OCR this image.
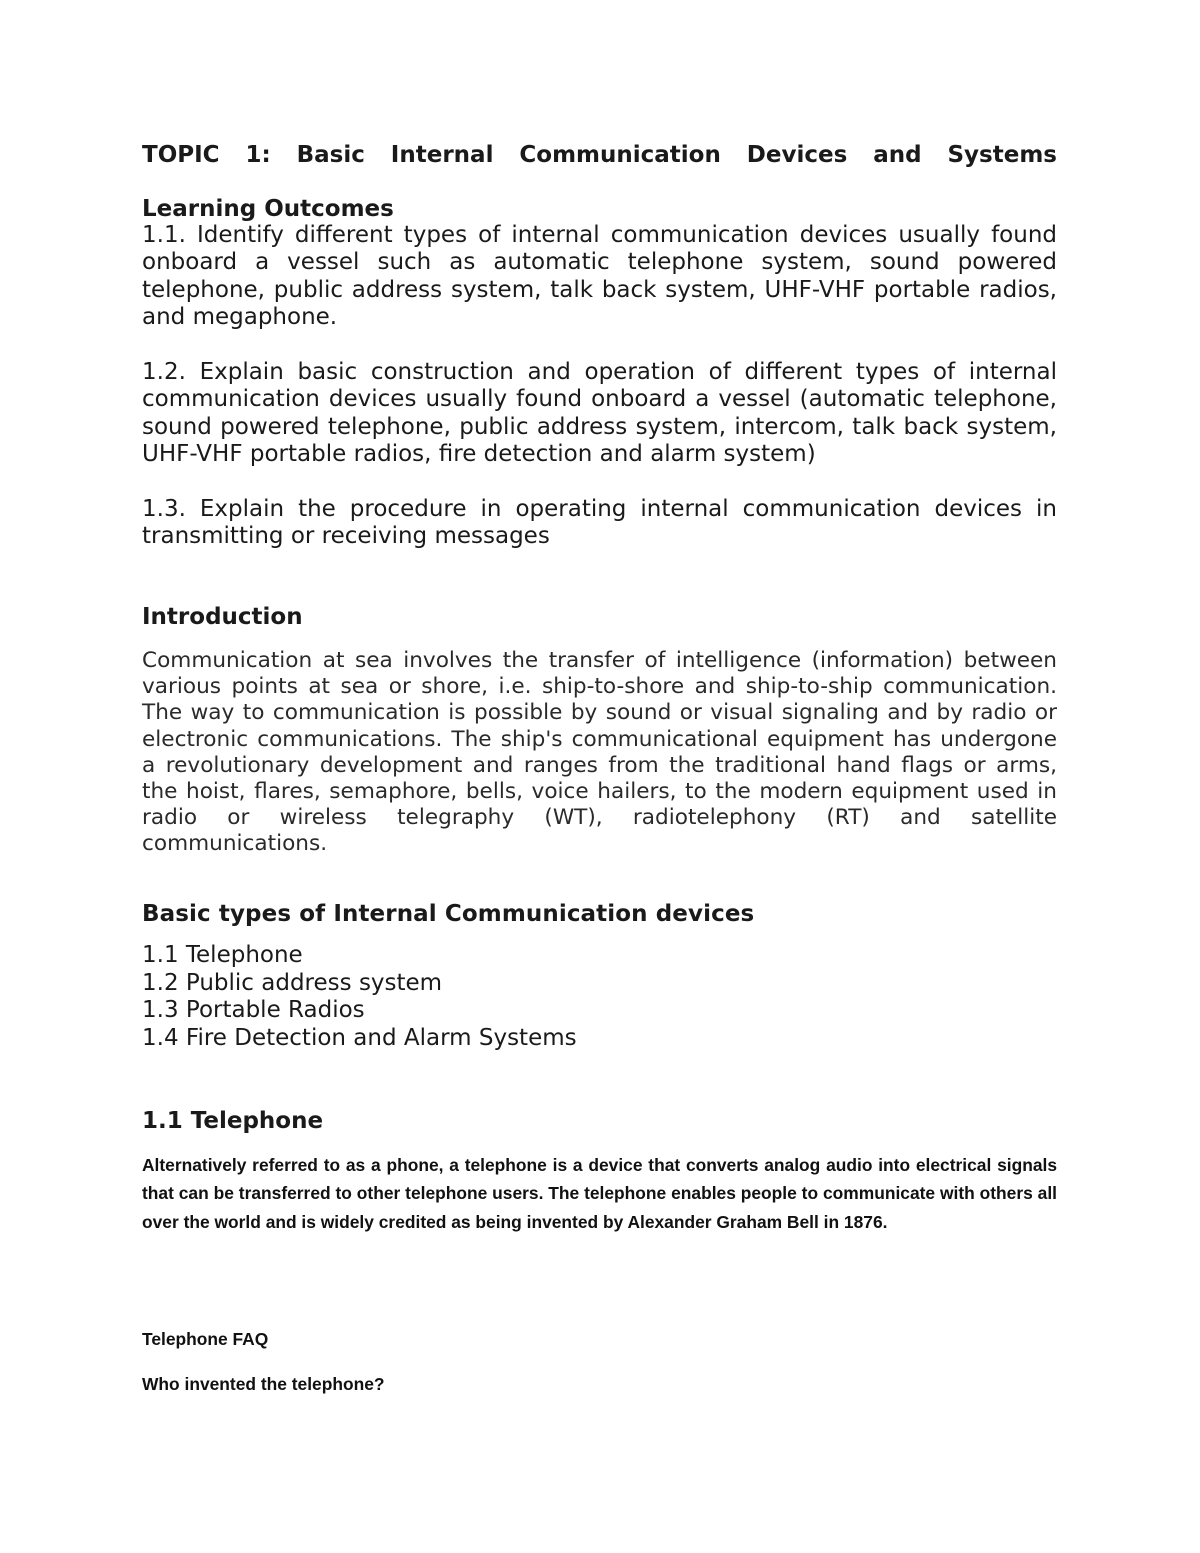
TOPIC 1: Basic Internal Communication Devices and Systems

Learning Outcomes

1.1. Identify different types of internal communication devices usually found onboard a vessel such as automatic telephone system, sound powered telephone, public address system, talk back system, UHF-VHF portable radios, and megaphone.

1.2. Explain basic construction and operation of different types of internal communication devices usually found onboard a vessel (automatic telephone, sound powered telephone, public address system, intercom, talk back system, UHF-VHF portable radios, fire detection and alarm system)

1.3. Explain the procedure in operating internal communication devices in transmitting or receiving messages

Introduction

Communication at sea involves the transfer of intelligence (information) between various points at sea or shore, i.e. ship-to-shore and ship-to-ship communication. The way to communication is possible by sound or visual signaling and by radio or electronic communications. The ship's communicational equipment has undergone a revolutionary development and ranges from the traditional hand flags or arms, the hoist, flares, semaphore, bells, voice hailers, to the modern equipment used in radio or wireless telegraphy (WT), radiotelephony (RT) and satellite communications.

Basic types of Internal Communication devices

1.1 Telephone
1.2 Public address system
1.3 Portable Radios
1.4 Fire Detection and Alarm Systems

1.1 Telephone

Alternatively referred to as a phone, a telephone is a device that converts analog audio into electrical signals that can be transferred to other telephone users. The telephone enables people to communicate with others all over the world and is widely credited as being invented by Alexander Graham Bell in 1876.

Telephone FAQ

Who invented the telephone?
